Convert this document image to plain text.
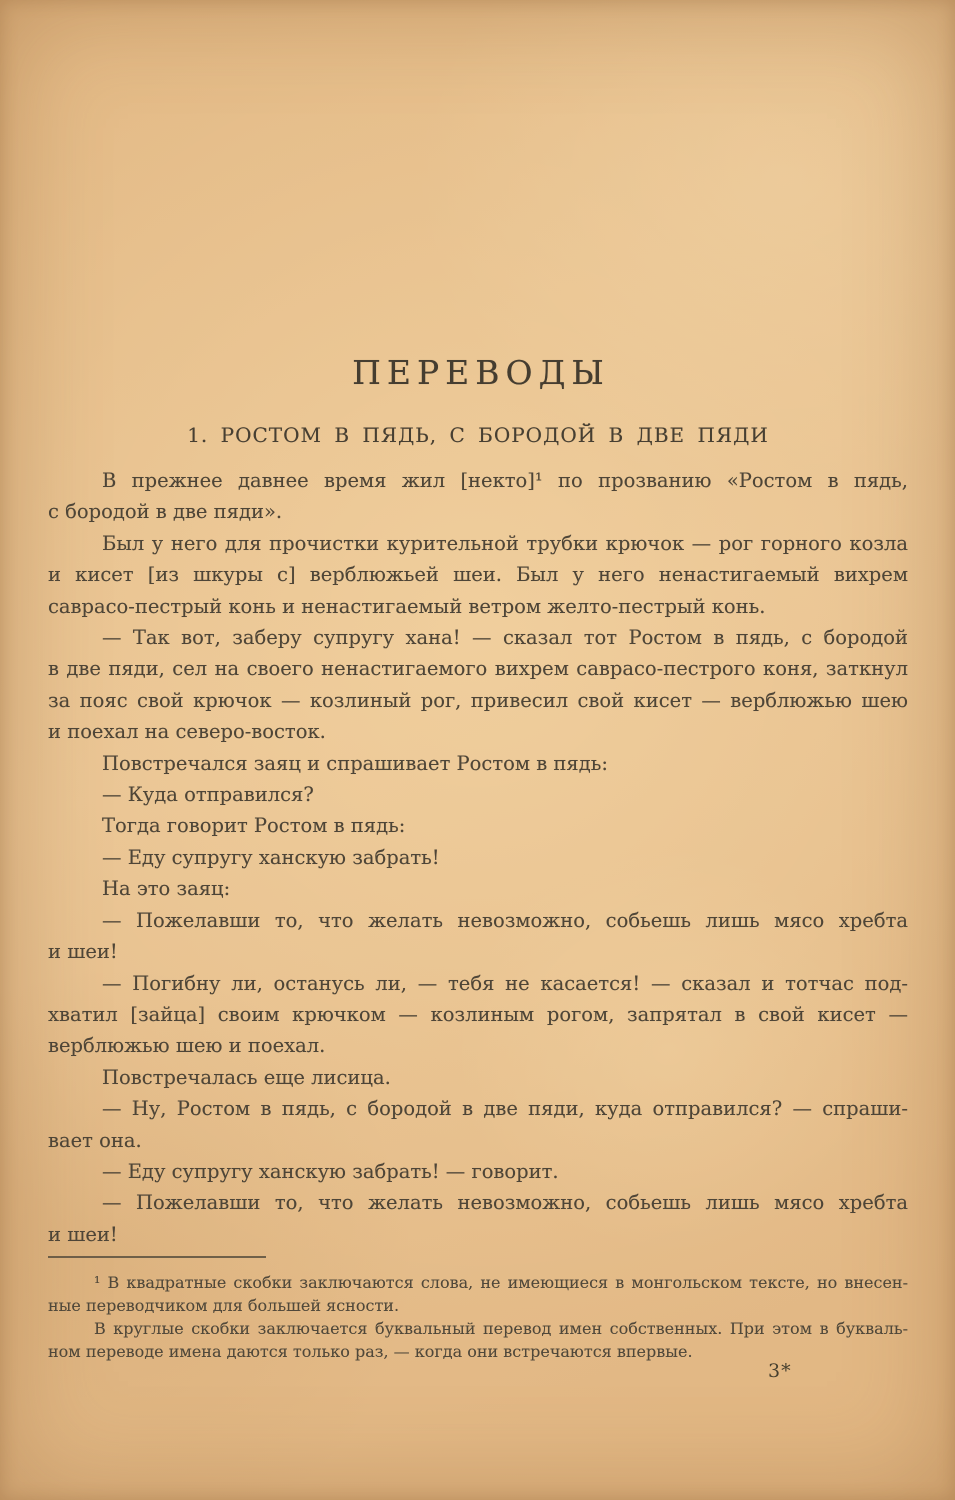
ПЕРЕВОДЫ
1. РОСТОМ В ПЯДЬ, С БОРОДОЙ В ДВЕ ПЯДИ

В прежнее давнее время жил [некто]¹ по прозванию «Ростом в пядь,
с бородой в две пяди».

Был у него для прочистки курительной трубки крючок — рог горного козла
и кисет [из шкуры с] верблюжьей шеи. Был у него ненастигаемый вихрем
саврасо-пестрый конь и ненастигаемый ветром желто-пестрый конь.

— Так вот, заберу супругу хана! — сказал тот Ростом в пядь, с бородой
в две пяди, сел на своего ненастигаемого вихрем саврасо-пестрого коня, заткнул
за пояс свой крючок — козлиный рог, привесил свой кисет — верблюжью шею
и поехал на северо-восток.

Повстречался заяц и спрашивает Ростом в пядь:

— Куда отправился?

Тогда говорит Ростом в пядь:

— Еду супругу ханскую забрать!

На это заяц:

— Пожелавши то, что желать невозможно, собьешь лишь мясо хребта
и шеи!

— Погибну ли, останусь ли, — тебя не касается! — сказал и тотчас под-
хватил [зайца] своим крючком — козлиным рогом, запрятал в свой кисет —
верблюжью шею и поехал.

Повстречалась еще лисица.

— Ну, Ростом в пядь, с бородой в две пяди, куда отправился? — спраши-
вает она.

— Еду супругу ханскую забрать! — говорит.

— Пожелавши то, что желать невозможно, собьешь лишь мясо хребта
и шеи!

¹ В квадратные скобки заключаются слова, не имеющиеся в монгольском тексте, но внесен-
ные переводчиком для большей ясности.

В круглые скобки заключается буквальный перевод имен собственных. При этом в букваль-
ном переводе имена даются только раз, — когда они встречаются впервые.

3*
